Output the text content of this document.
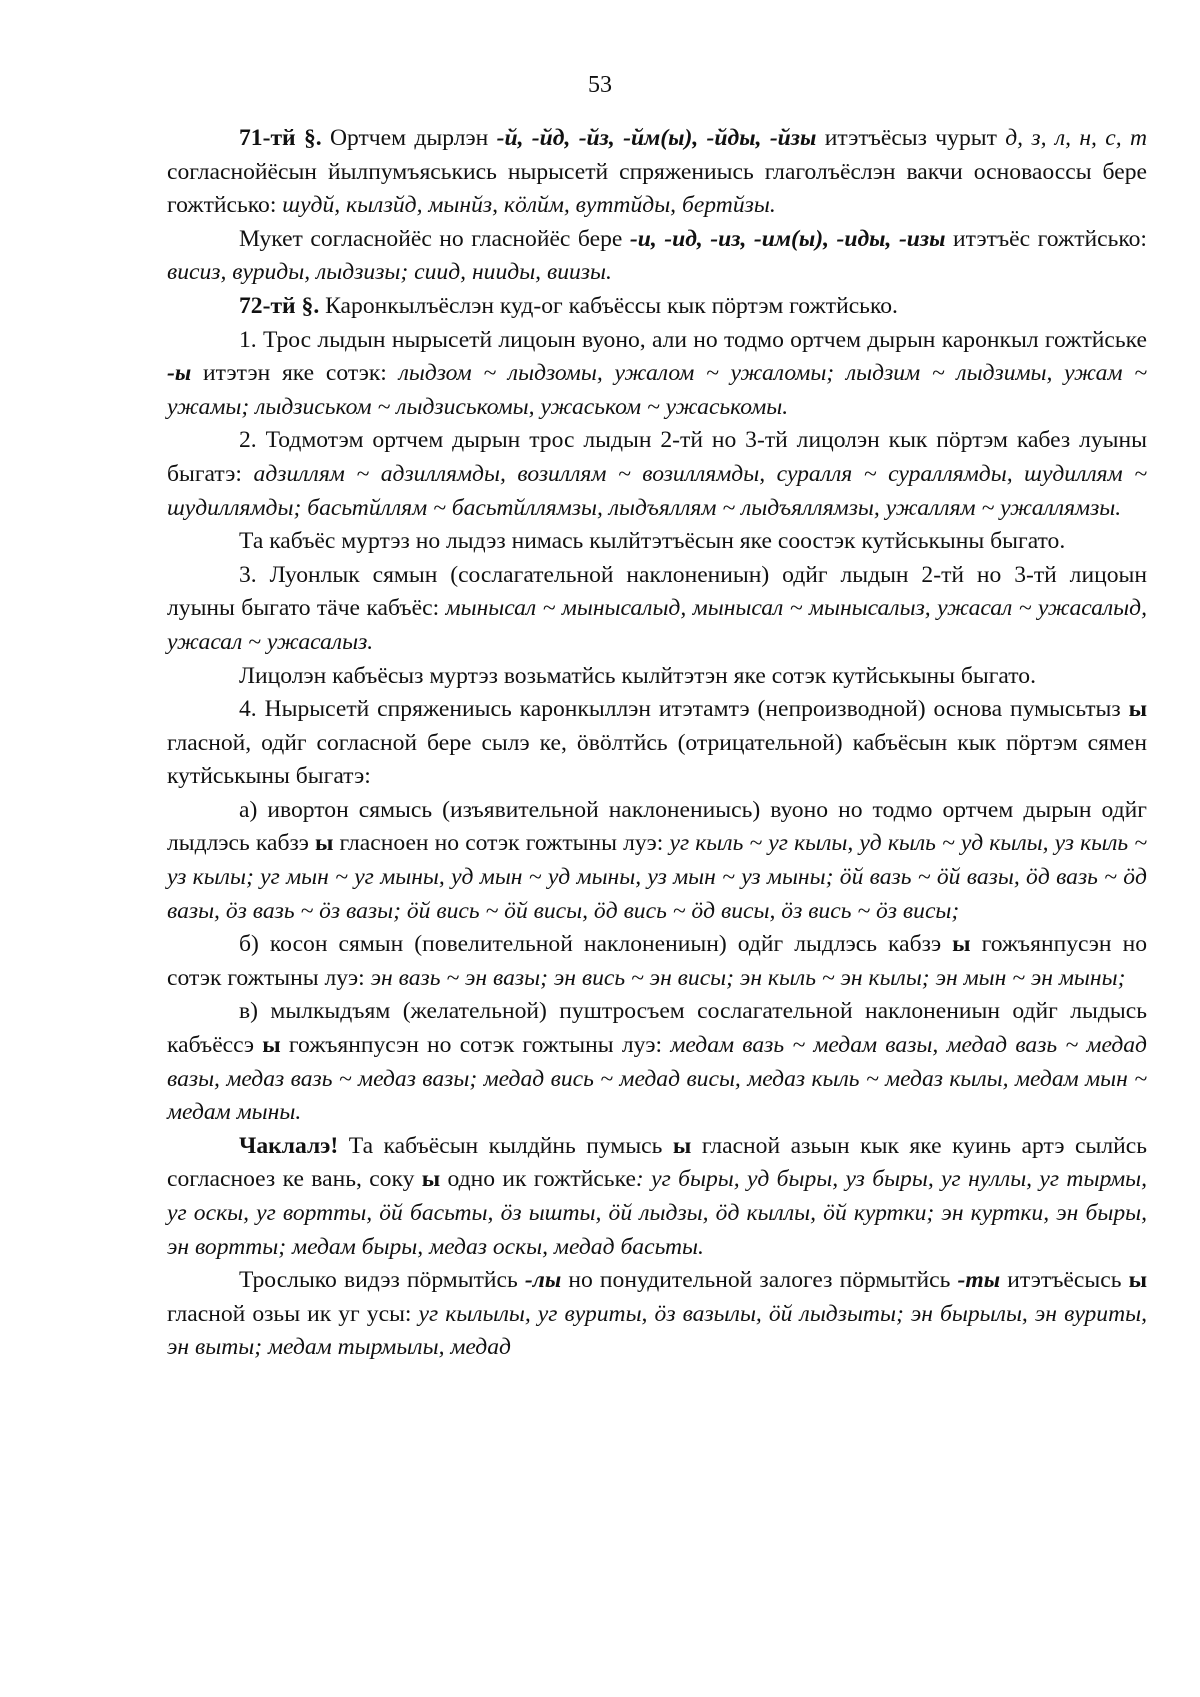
53

71-тй §. Ортчем дырлэн -й, -йд, -йз, -йм(ы), -йды, -йзы итэтъёсыз чурыт д, з, л, н, с, т согласнойёсын йылпумъяськись нырысетй спряжениысь глаголъёслэн вакчи основаоссы бере гожтйсько: шудй, кылзйд, мынйз, кöлйм, вуттйды, бертйзы.

Мукет согласнойёс но гласнойёс бере -и, -ид, -из, -им(ы), -иды, -изы итэтъёс гожтйсько: висиз, вуриды, лыдзизы; сиид, нииды, виизы.

72-тй §. Каронкылъёслэн куд-ог кабъёссы кык пöртэм гожтйсько.

1. Трос лыдын нырысетй лицоын вуоно, али но тодмо ортчем дырын каронкыл гожтйське -ы итэтэн яке сотэк: лыдзом ~ лыдзомы, ужалом ~ ужаломы; лыдзим ~ лыдзимы, ужам ~ ужамы; лыдзиськом ~ лыдзиськомы, ужаськом ~ ужаськомы.

2. Тодмотэм ортчем дырын трос лыдын 2-тй но 3-тй лицолэн кык пöртэм кабез луыны быгатэ: адзиллям ~ адзиллямды, возиллям ~ возиллямды, суралля ~ сураллямды, шудиллям ~ шудиллямды; басьтйллям ~ басьтйллямзы, лыдъяллям ~ лыдъяллямзы, ужаллям ~ ужаллямзы.

Та кабъёс муртэз но лыдэз нимась кылйтэтъёсын яке соостэк кутйськыны быгато.

3. Луонлык сямын (сослагательной наклонениын) одйг лыдын 2-тй но 3-тй лицоын луыны быгато тäче кабъёс: мынысал ~ мынысалыд, мынысал ~ мынысалыз, ужасал ~ ужасалыд, ужасал ~ ужасалыз.

Лицолэн кабъёсыз муртэз возьматйсь кылйтэтэн яке сотэк кутйськыны быгато.

4. Нырысетй спряжениысь каронкыллэн итэтамтэ (непроизводной) основа пумысьтыз ы гласной, одйг согласной бере сылэ ке, öвöлтйсь (отрицательной) кабъёсын кык пöртэм сямен кутйськыны быгатэ:

а) ивортон сямысь (изъявительной наклонениысь) вуоно но тодмо ортчем дырын одйг лыдлэсь кабзэ ы гласноен но сотэк гожтыны луэ: уг кыль ~ уг кылы, уд кыль ~ уд кылы, уз кыль ~ уз кылы; уг мын ~ уг мыны, уд мын ~ уд мыны, уз мын ~ уз мыны; öй вазь ~ öй вазы, öд вазь ~ öд вазы, öз вазь ~ öз вазы; öй вись ~ öй висы, öд вись ~ öд висы, öз вись ~ öз висы;

б) косон сямын (повелительной наклонениын) одйг лыдлэсь кабзэ ы гожъянпусэн но сотэк гожтыны луэ: эн вазь ~ эн вазы; эн вись ~ эн висы; эн кыль ~ эн кылы; эн мын ~ эн мыны;

в) мылкыдъям (желательной) пуштросъем сослагательной наклонениын одйг лыдысь кабъёссэ ы гожъянпусэн но сотэк гожтыны луэ: медам вазь ~ медам вазы, медад вазь ~ медад вазы, медаз вазь ~ медаз вазы; медад вись ~ медад висы, медаз кыль ~ медаз кылы, медам мын ~ медам мыны.

Чаклалэ! Та кабъёсын кылдйнь пумысь ы гласной азьын кык яке куинь артэ сылйсь согласноез ке вань, соку ы одно ик гожтйське: уг быры, уд быры, уз быры, уг нуллы, уг тырмы, уг оскы, уг вортты, öй басьты, öз ышты, öй лыдзы, öд кыллы, öй куртки; эн куртки, эн быры, эн вортты; медам быры, медаз оскы, медад басьты.

Трослыко видэз пöрмытйсь -лы но понудительной залогез пöрмытйсь -ты итэтъёсысь ы гласной озьы ик уг усы: уг кылылы, уг вуриты, öз вазылы, öй лыдзыты; эн бырылы, эн вуриты, эн выты; медам тырмылы, медад
